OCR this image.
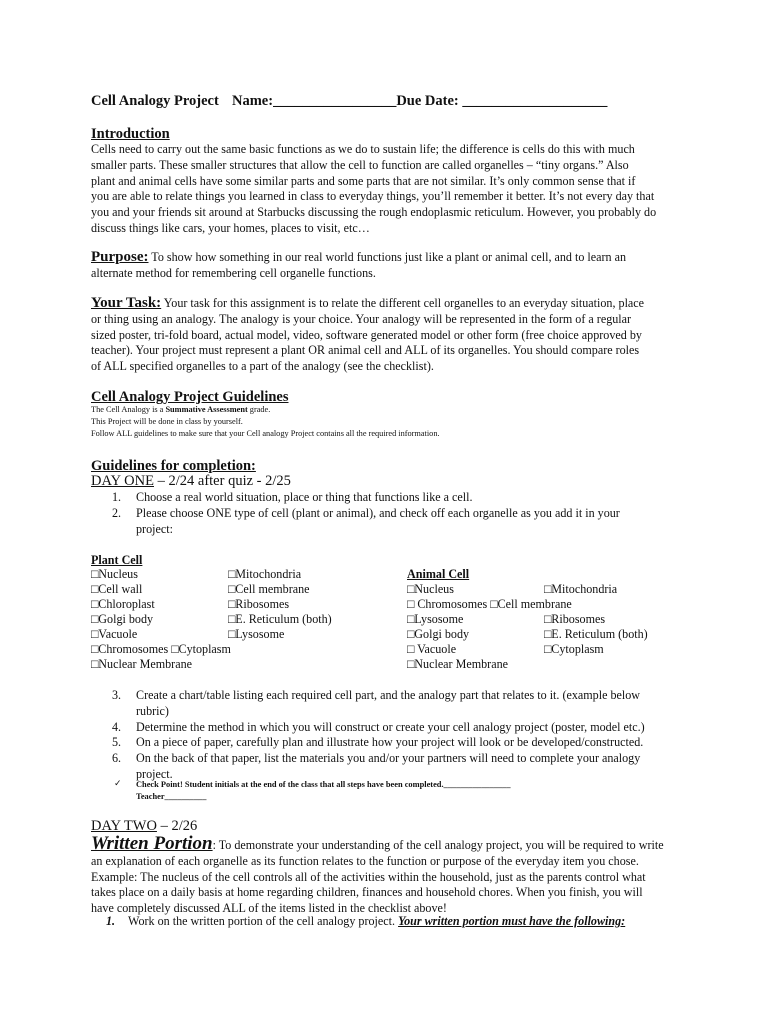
Cell Analogy Project Name:_________________Due Date: ____________________
Introduction
Cells need to carry out the same basic functions as we do to sustain life; the difference is cells do this with much
smaller parts. These smaller structures that allow the cell to function are called organelles – “tiny organs.” Also
plant and animal cells have some similar parts and some parts that are not similar. It’s only common sense that if
you are able to relate things you learned in class to everyday things, you’ll remember it better. It’s not every day that
you and your friends sit around at Starbucks discussing the rough endoplasmic reticulum. However, you probably do
discuss things like cars, your homes, places to visit, etc…
Purpose: To show how something in our real world functions just like a plant or animal cell, and to learn an
alternate method for remembering cell organelle functions.
Your Task: Your task for this assignment is to relate the different cell organelles to an everyday situation, place
or thing using an analogy. The analogy is your choice. Your analogy will be represented in the form of a regular
sized poster, tri-fold board, actual model, video, software generated model or other form (free choice approved by
teacher). Your project must represent a plant OR animal cell and ALL of its organelles. You should compare roles
of ALL specified organelles to a part of the analogy (see the checklist).
Cell Analogy Project Guidelines
The Cell Analogy is a Summative Assessment grade.
This Project will be done in class by yourself.
Follow ALL guidelines to make sure that your Cell analogy Project contains all the required information.
Guidelines for completion:
DAY ONE – 2/24 after quiz - 2/25
1. Choose a real world situation, place or thing that functions like a cell.
2. Please choose ONE type of cell (plant or animal), and check off each organelle as you add it in your
project:
Plant Cell
□Nucleus
□Cell wall
□Chloroplast
□Golgi body
□Vacuole
□Chromosomes □Cytoplasm
□Nuclear Membrane
□Mitochondria
□Cell membrane
□Ribosomes
□E. Reticulum (both)
□Lysosome
Animal Cell
□Nucleus
□ Chromosomes □Cell membrane
□Lysosome
□Golgi body
□ Vacuole
□Nuclear Membrane
□Mitochondria
□Ribosomes
□E. Reticulum (both)
□Cytoplasm
3. Create a chart/table listing each required cell part, and the analogy part that relates to it. (example below
rubric)
4. Determine the method in which you will construct or create your cell analogy project (poster, model etc.)
5. On a piece of paper, carefully plan and illustrate how your project will look or be developed/constructed.
6. On the back of that paper, list the materials you and/or your partners will need to complete your analogy
project.
✓ Check Point! Student initials at the end of the class that all steps have been completed.________________
Teacher__________
DAY TWO – 2/26
Written Portion: To demonstrate your understanding of the cell analogy project, you will be required to write
an explanation of each organelle as its function relates to the function or purpose of the everyday item you chose.
Example: The nucleus of the cell controls all of the activities within the household, just as the parents control what
takes place on a daily basis at home regarding children, finances and household chores. When you finish, you will
have completely discussed ALL of the items listed in the checklist above!
1. Work on the written portion of the cell analogy project. Your written portion must have the following:
